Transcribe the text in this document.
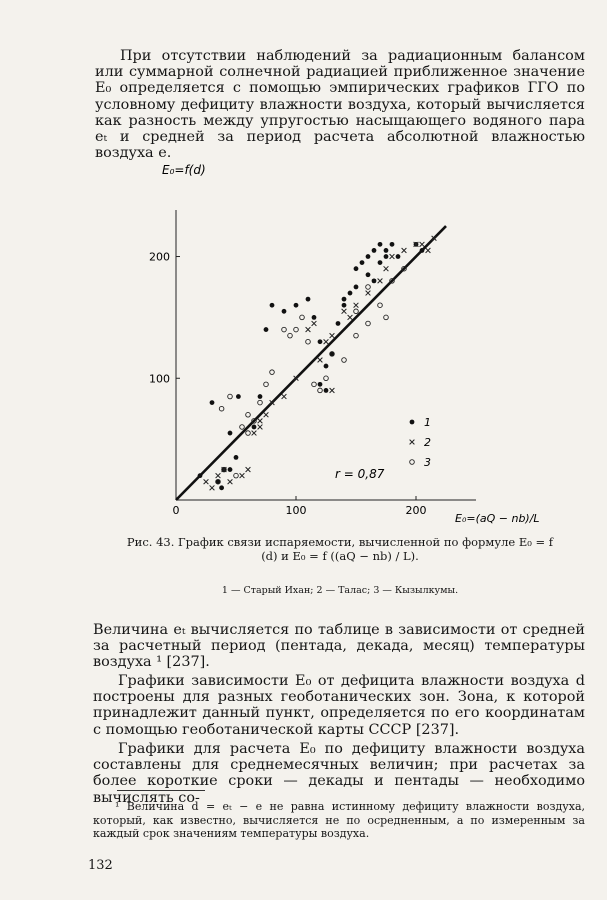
При отсутствии наблюдений за радиационным балансом или суммарной солнечной радиацией приближенное значение E₀ определяется с помощью эмпирических графиков ГГО по условному дефициту влажности воздуха, который вычисляется как разность между упругостью насыщающего водяного пара eₜ и средней за период расчета абсолютной влажностью воздуха e.

0	100	200
100
200
1
2
3
E₀=f(d)
E₀=(aQ − nb)/L
r = 0,87

Рис. 43. График связи испаряемости, вычисленной по формуле E₀ = f (d) и E₀ = f ((aQ − nb) / L).

1 — Старый Ихан; 2 — Талас; 3 — Кызылкумы.

Величина eₜ вычисляется по таблице в зависимости от средней за расчетный период (пентада, декада, месяц) температуры воздуха ¹ [237].

Графики зависимости E₀ от дефицита влажности воздуха d построены для разных геоботанических зон. Зона, к которой принадлежит данный пункт, определяется по его координатам с помощью геоботанической карты СССР [237].

Графики для расчета E₀ по дефициту влажности воздуха составлены для среднемесячных величин; при расчетах за более короткие сроки — декады и пентады — необходимо вычислять со-

¹ Величина d = eₜ − e не равна истинному дефициту влажности воздуха, который, как известно, вычисляется не по осредненным, а по измеренным за каждый срок значениям температуры воздуха.

132
